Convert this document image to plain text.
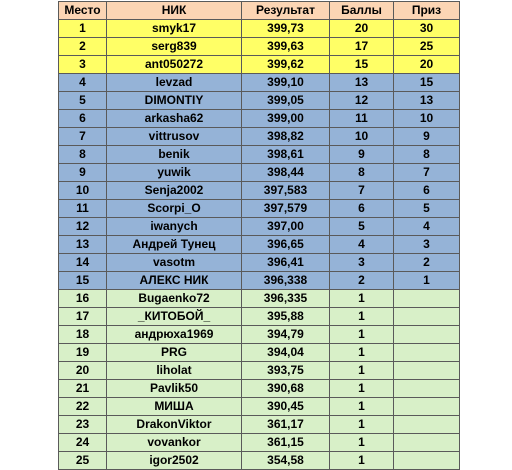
Место	НИК	Результат	Баллы	Приз
1	smyk17	399,73	20	30
2	serg839	399,63	17	25
3	ant050272	399,62	15	20
4	levzad	399,10	13	15
5	DIMONTIY	399,05	12	13
6	arkasha62	399,00	11	10
7	vittrusov	398,82	10	9
8	benik	398,61	9	8
9	yuwik	398,44	8	7
10	Senja2002	397,583	7	6
11	Scorpi_O	397,579	6	5
12	iwanych	397,00	5	4
13	Андрей Тунец	396,65	4	3
14	vasotm	396,41	3	2
15	АЛЕКС НИК	396,338	2	1
16	Bugaenko72	396,335	1	
17	_КИТОБОЙ_	395,88	1	
18	андрюха1969	394,79	1	
19	PRG	394,04	1	
20	liholat	393,75	1	
21	Pavlik50	390,68	1	
22	МИША	390,45	1	
23	DrakonViktor	361,17	1	
24	vovankor	361,15	1	
25	igor2502	354,58	1	
